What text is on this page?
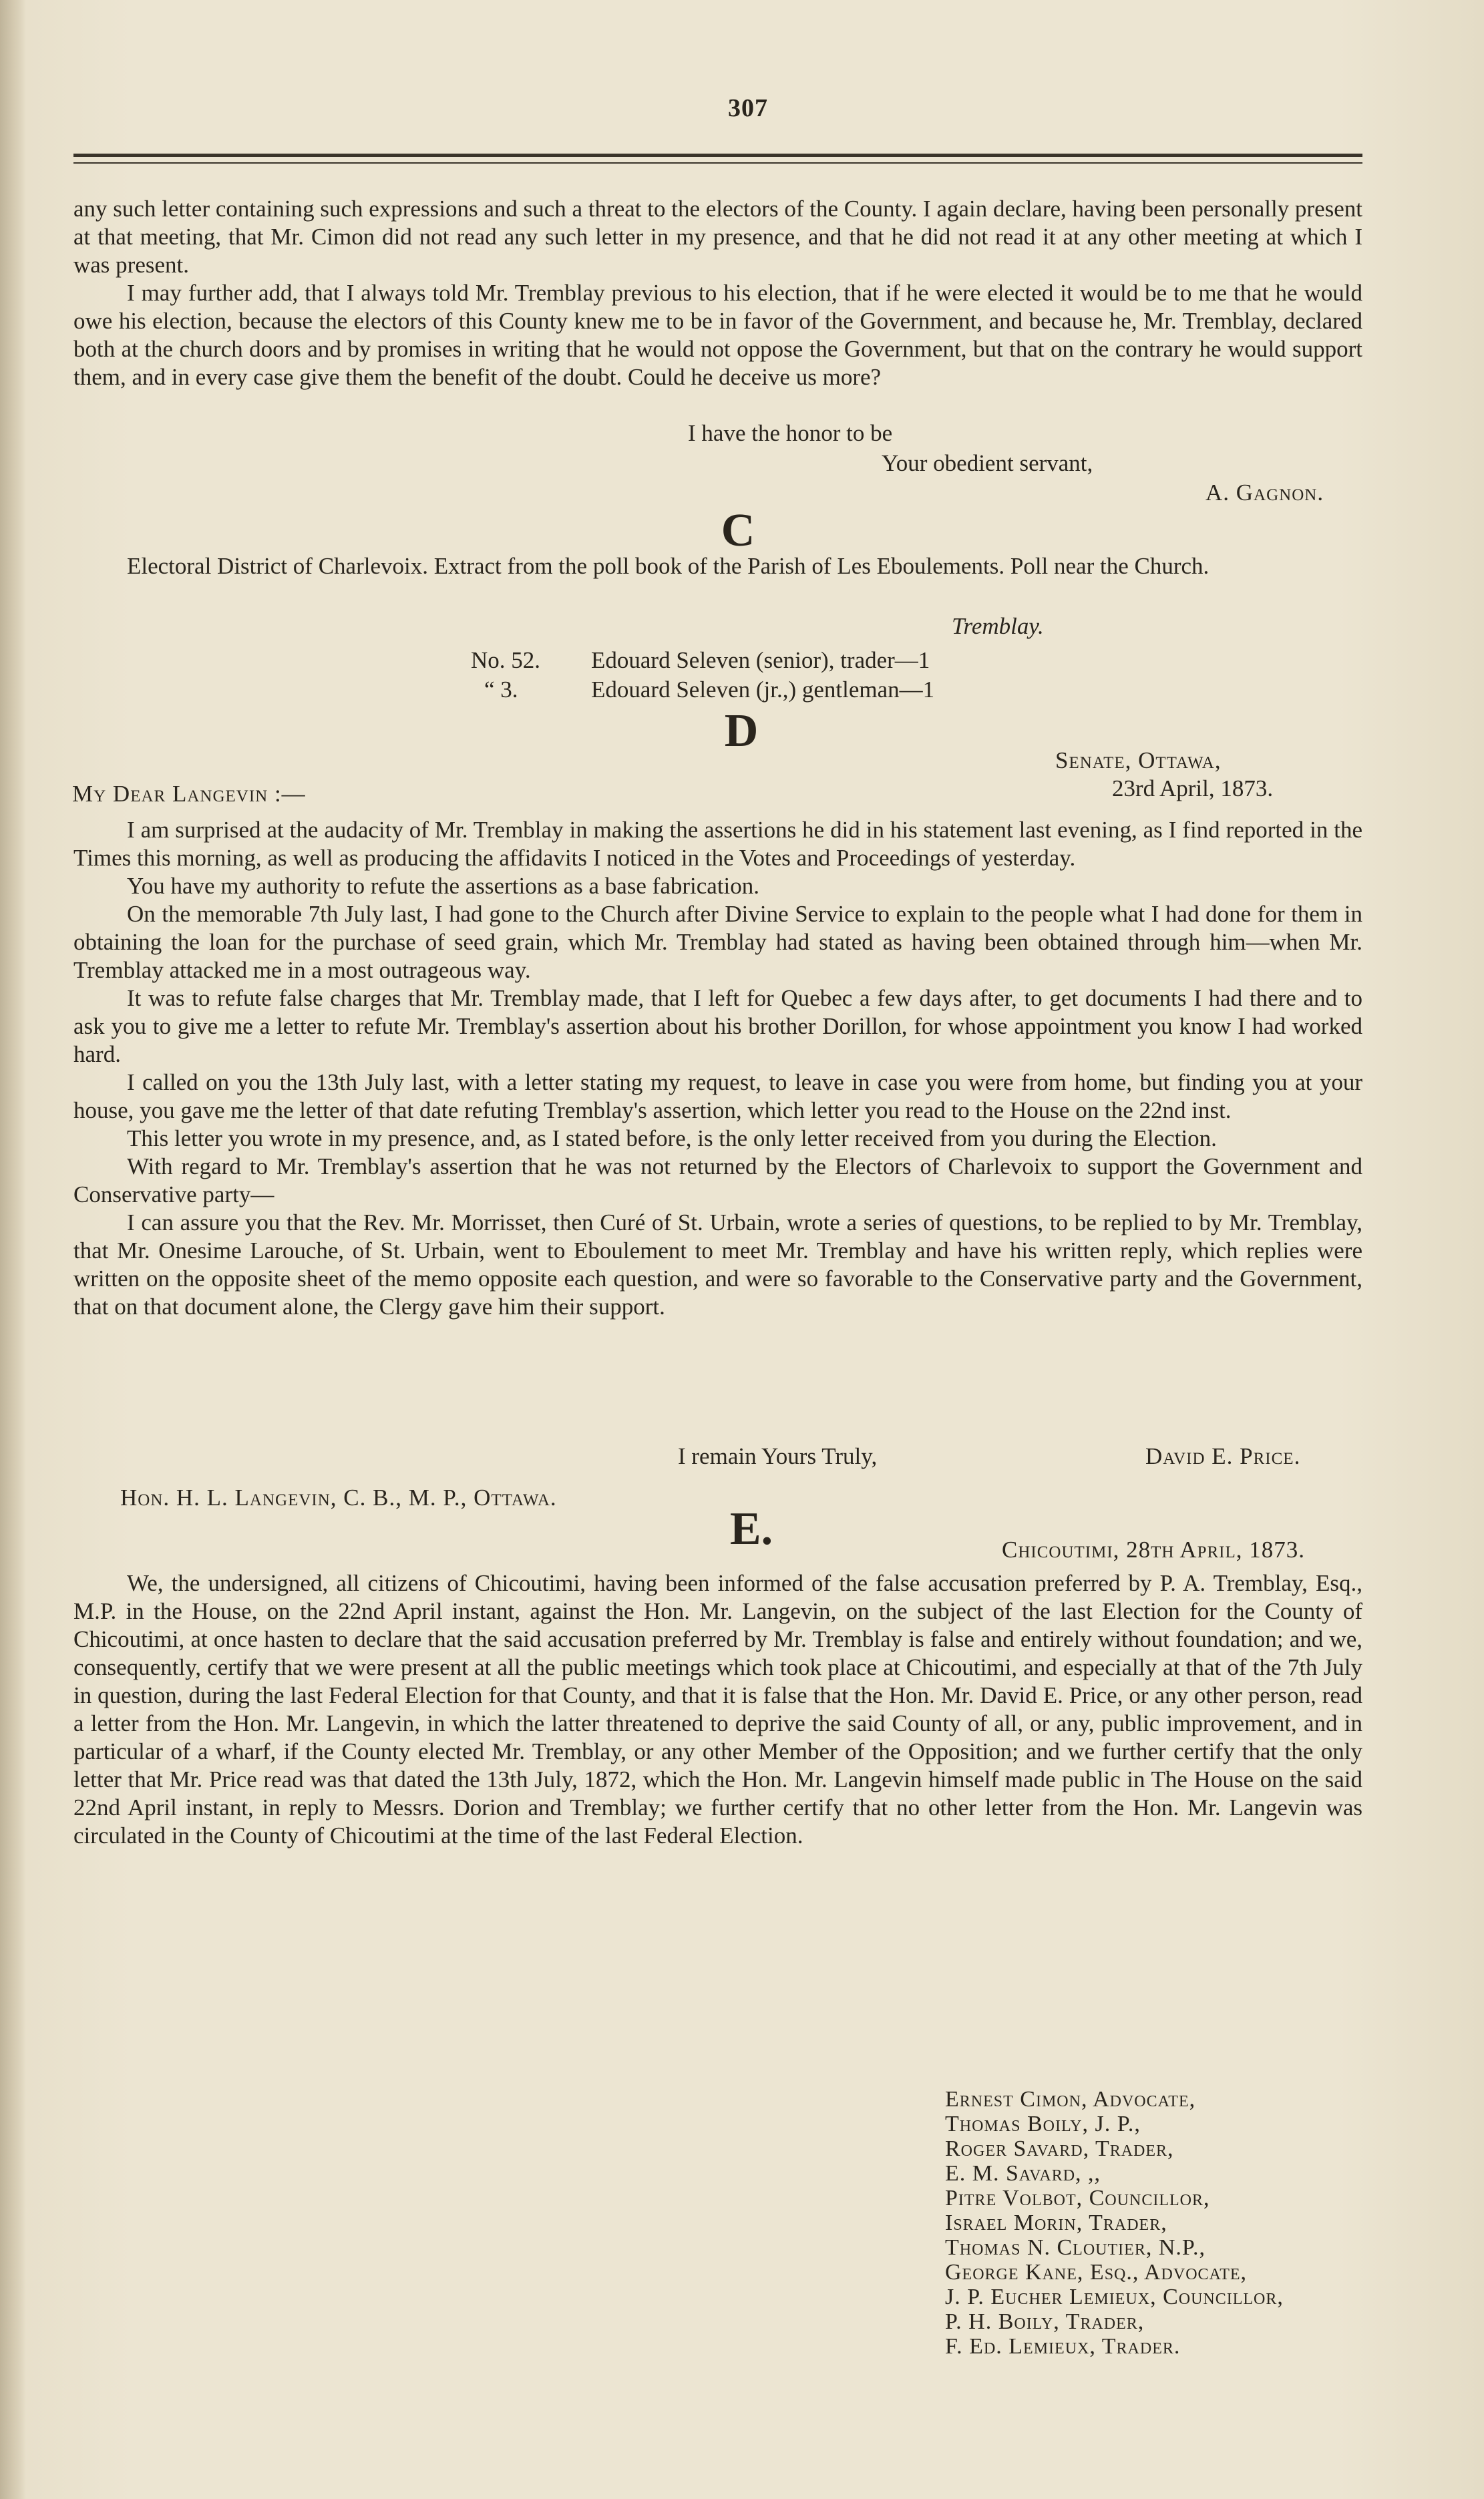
307

any such letter containing such expressions and such a threat to the electors of the County. I again declare, having been personally present at that meeting, that Mr. Cimon did not read any such letter in my presence, and that he did not read it at any other meeting at which I was present.

I may further add, that I always told Mr. Tremblay previous to his election, that if he were elected it would be to me that he would owe his election, because the electors of this County knew me to be in favor of the Government, and because he, Mr. Tremblay, declared both at the church doors and by promises in writing that he would not oppose the Government, but that on the contrary he would support them, and in every case give them the benefit of the doubt. Could he deceive us more?

I have the honor to be
Your obedient servant,
A. Gagnon.
C

Electoral District of Charlevoix. Extract from the poll book of the Parish of Les Eboulements. Poll near the Church.

Tremblay.
No. 52. Edouard Seleven (senior), trader—1
“ 3.	Edouard Seleven (jr.,) gentleman—1
D
Senate, Ottawa,
23rd April, 1873.
My Dear Langevin :—

I am surprised at the audacity of Mr. Tremblay in making the assertions he did in his statement last evening, as I find reported in the Times this morning, as well as producing the affidavits I noticed in the Votes and Proceedings of yesterday.

You have my authority to refute the assertions as a base fabrication.

On the memorable 7th July last, I had gone to the Church after Divine Service to explain to the people what I had done for them in obtaining the loan for the purchase of seed grain, which Mr. Tremblay had stated as having been obtained through him—when Mr. Tremblay attacked me in a most outrageous way.

It was to refute false charges that Mr. Tremblay made, that I left for Quebec a few days after, to get documents I had there and to ask you to give me a letter to refute Mr. Tremblay's assertion about his brother Dorillon, for whose appointment you know I had worked hard.

I called on you the 13th July last, with a letter stating my request, to leave in case you were from home, but finding you at your house, you gave me the letter of that date refuting Tremblay's assertion, which letter you read to the House on the 22nd inst.

This letter you wrote in my presence, and, as I stated before, is the only letter received from you during the Election.

With regard to Mr. Tremblay's assertion that he was not returned by the Electors of Charlevoix to support the Government and Conservative party—

I can assure you that the Rev. Mr. Morrisset, then Curé of St. Urbain, wrote a series of questions, to be replied to by Mr. Tremblay, that Mr. Onesime Larouche, of St. Urbain, went to Eboulement to meet Mr. Tremblay and have his written reply, which replies were written on the opposite sheet of the memo opposite each question, and were so favorable to the Conservative party and the Government, that on that document alone, the Clergy gave him their support.

I remain Yours Truly,	David E. Price.
Hon. H. L. Langevin, C. B., M. P., Ottawa.
E.	Chicoutimi, 28th April, 1873.

We, the undersigned, all citizens of Chicoutimi, having been informed of the false accusation preferred by P. A. Tremblay, Esq., M.P. in the House, on the 22nd April instant, against the Hon. Mr. Langevin, on the subject of the last Election for the County of Chicoutimi, at once hasten to declare that the said accusation preferred by Mr. Tremblay is false and entirely without foundation; and we, consequently, certify that we were present at all the public meetings which took place at Chicoutimi, and especially at that of the 7th July in question, during the last Federal Election for that County, and that it is false that the Hon. Mr. David E. Price, or any other person, read a letter from the Hon. Mr. Langevin, in which the latter threatened to deprive the said County of all, or any, public improvement, and in particular of a wharf, if the County elected Mr. Tremblay, or any other Member of the Opposition; and we further certify that the only letter that Mr. Price read was that dated the 13th July, 1872, which the Hon. Mr. Langevin himself made public in The House on the said 22nd April instant, in reply to Messrs. Dorion and Tremblay; we further certify that no other letter from the Hon. Mr. Langevin was circulated in the County of Chicoutimi at the time of the last Federal Election.

Ernest Cimon, Advocate,
Thomas Boily, J. P.,
Roger Savard, Trader,
E. M. Savard, ,,
Pitre Volbot, Councillor,
Israel Morin, Trader,
Thomas N. Cloutier, N.P.,
George Kane, Esq., Advocate,
J. P. Eucher Lemieux, Councillor,
P. H. Boily, Trader,
F. Ed. Lemieux, Trader.
